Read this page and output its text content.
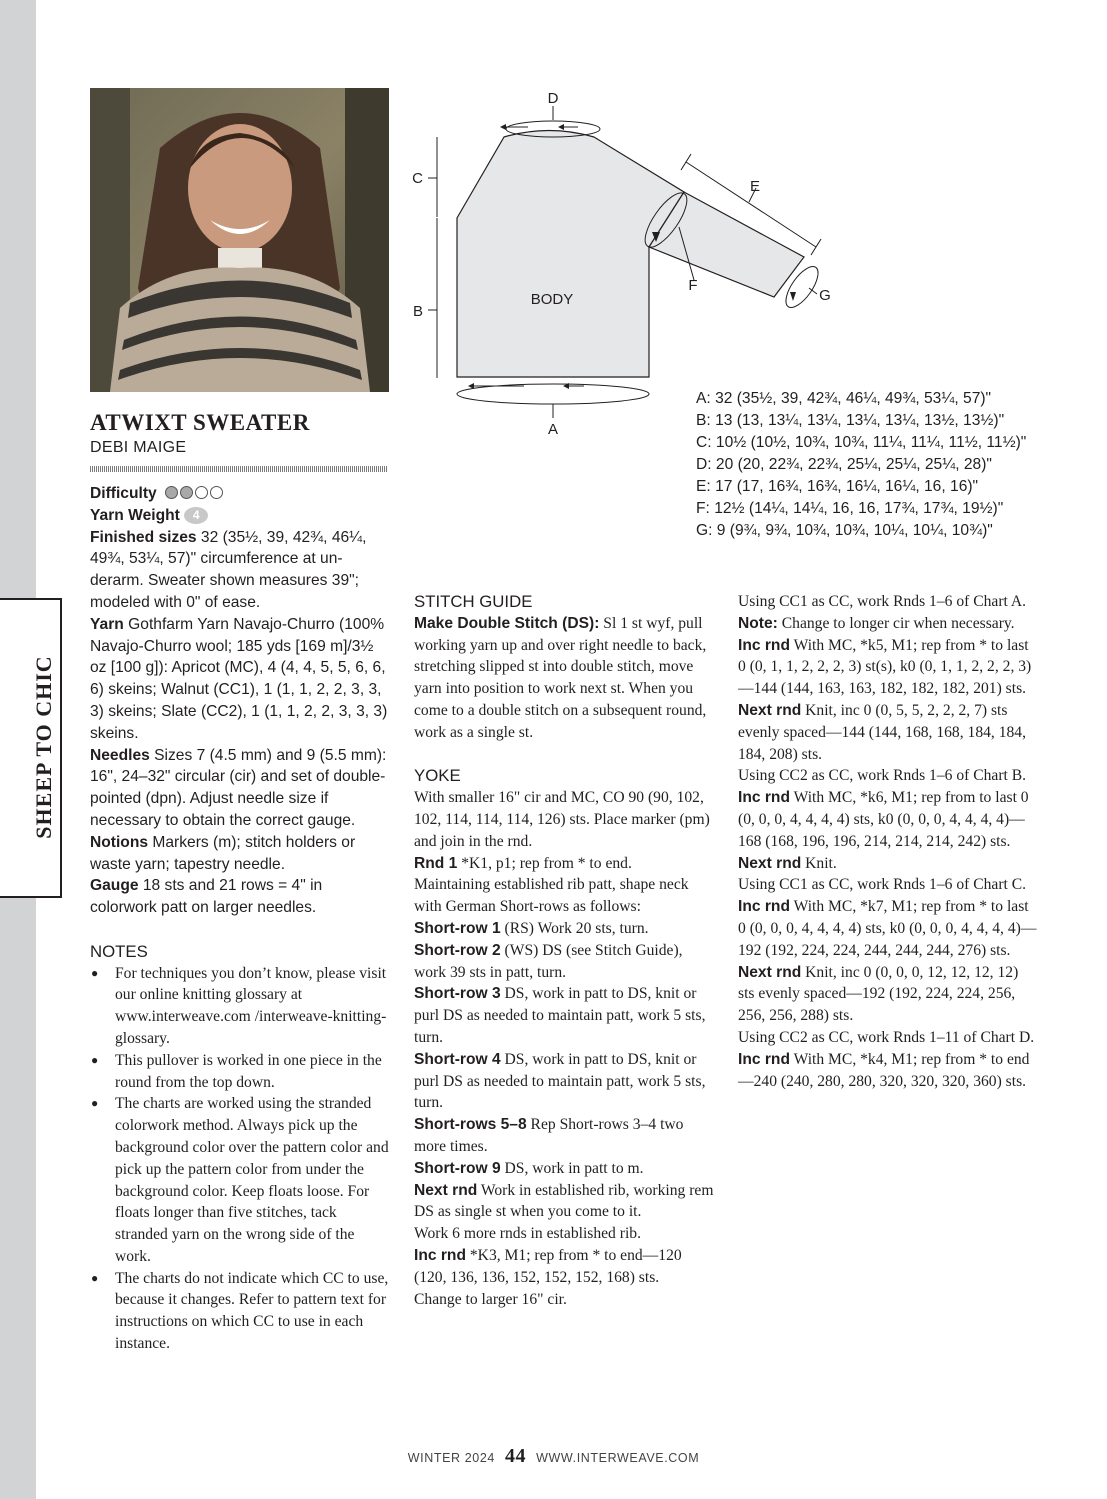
SHEEP TO CHIC
ATWIXT SWEATER
DEBI MAIGE

Difficulty

Yarn Weight 4

Finished sizes 32 (35½, 39, 42¾, 46¼, 49¾, 53¼, 57)" circumference at underarm. Sweater shown measures 39"; modeled with 0" of ease.

Yarn Gothfarm Yarn Navajo-Churro (100% Navajo-Churro wool; 185 yds [169 m]/3½ oz [100 g]): Apricot (MC), 4 (4, 4, 5, 5, 6, 6, 6) skeins; Walnut (CC1), 1 (1, 1, 2, 2, 3, 3, 3) skeins; Slate (CC2), 1 (1, 1, 2, 2, 3, 3, 3) skeins.

Needles Sizes 7 (4.5 mm) and 9 (5.5 mm): 16", 24–32" circular (cir) and set of double-pointed (dpn). Adjust needle size if necessary to obtain the correct gauge.

Notions Markers (m); stitch holders or waste yarn; tapestry needle.

Gauge 18 sts and 21 rows = 4" in colorwork patt on larger needles.

NOTES

● For techniques you don’t know, please visit our online knitting glossary at www.interweave.com /interweave-knitting-glossary.
● This pullover is worked in one piece in the round from the top down.
● The charts are worked using the stranded colorwork method. Always pick up the background color over the pattern color and pick up the pattern color from under the background color. Keep floats loose. For floats longer than five stitches, tack stranded yarn on the wrong side of the work.
● The charts do not indicate which CC to use, because it changes. Refer to pattern text for instructions on which CC to use in each instance.

STITCH GUIDE

Make Double Stitch (DS): Sl 1 st wyf, pull working yarn up and over right needle to back, stretching slipped st into double stitch, move yarn into position to work next st. When you come to a double stitch on a subsequent round, work as a single st.

YOKE

With smaller 16" cir and MC, CO 90 (90, 102, 102, 114, 114, 114, 126) sts. Place marker (pm) and join in the rnd.

Rnd 1 *K1, p1; rep from * to end.

Maintaining established rib patt, shape neck with German Short-rows as follows:

Short-row 1 (RS) Work 20 sts, turn.

Short-row 2 (WS) DS (see Stitch Guide), work 39 sts in patt, turn.

Short-row 3 DS, work in patt to DS, knit or purl DS as needed to maintain patt, work 5 sts, turn.

Short-row 4 DS, work in patt to DS, knit or purl DS as needed to maintain patt, work 5 sts, turn.

Short-rows 5–8 Rep Short-rows 3–4 two more times.

Short-row 9 DS, work in patt to m.

Next rnd Work in established rib, working rem DS as single st when you come to it.

Work 6 more rnds in established rib.

Inc rnd *K3, M1; rep from * to end—120 (120, 136, 136, 152, 152, 152, 168) sts.

Change to larger 16" cir.

Using CC1 as CC, work Rnds 1–6 of Chart A.

Note: Change to longer cir when necessary.

Inc rnd With MC, *k5, M1; rep from * to last 0 (0, 1, 1, 2, 2, 2, 3) st(s), k0 (0, 1, 1, 2, 2, 2, 3)—144 (144, 163, 163, 182, 182, 182, 201) sts.

Next rnd Knit, inc 0 (0, 5, 5, 2, 2, 2, 7) sts evenly spaced—144 (144, 168, 168, 184, 184, 184, 208) sts.

Using CC2 as CC, work Rnds 1–6 of Chart B.

Inc rnd With MC, *k6, M1; rep from to last 0 (0, 0, 0, 4, 4, 4, 4) sts, k0 (0, 0, 0, 4, 4, 4, 4)—168 (168, 196, 196, 214, 214, 214, 242) sts.

Next rnd Knit.

Using CC1 as CC, work Rnds 1–6 of Chart C.

Inc rnd With MC, *k7, M1; rep from * to last 0 (0, 0, 0, 4, 4, 4, 4) sts, k0 (0, 0, 0, 4, 4, 4, 4)—192 (192, 224, 224, 244, 244, 244, 276) sts.

Next rnd Knit, inc 0 (0, 0, 0, 12, 12, 12, 12) sts evenly spaced—192 (192, 224, 224, 256, 256, 256, 288) sts.

Using CC2 as CC, work Rnds 1–11 of Chart D.

Inc rnd With MC, *k4, M1; rep from * to end—240 (240, 280, 280, 320, 320, 320, 360) sts.

D
C
B
BODY
A
E
F
G

A: 32 (35½, 39, 42¾, 46¼, 49¾, 53¼, 57)"

B: 13 (13, 13¼, 13¼, 13¼, 13¼, 13½, 13½)"

C: 10½ (10½, 10¾, 10¾, 11¼, 11¼, 11½, 11½)"

D: 20 (20, 22¾, 22¾, 25¼, 25¼, 25¼, 28)"

E: 17 (17, 16¾, 16¾, 16¼, 16¼, 16, 16)"

F: 12½ (14¼, 14¼, 16, 16, 17¾, 17¾, 19½)"

G: 9 (9¾, 9¾, 10¾, 10¾, 10¼, 10¼, 10¾)"

WINTER 2024 44 WWW.INTERWEAVE.COM
